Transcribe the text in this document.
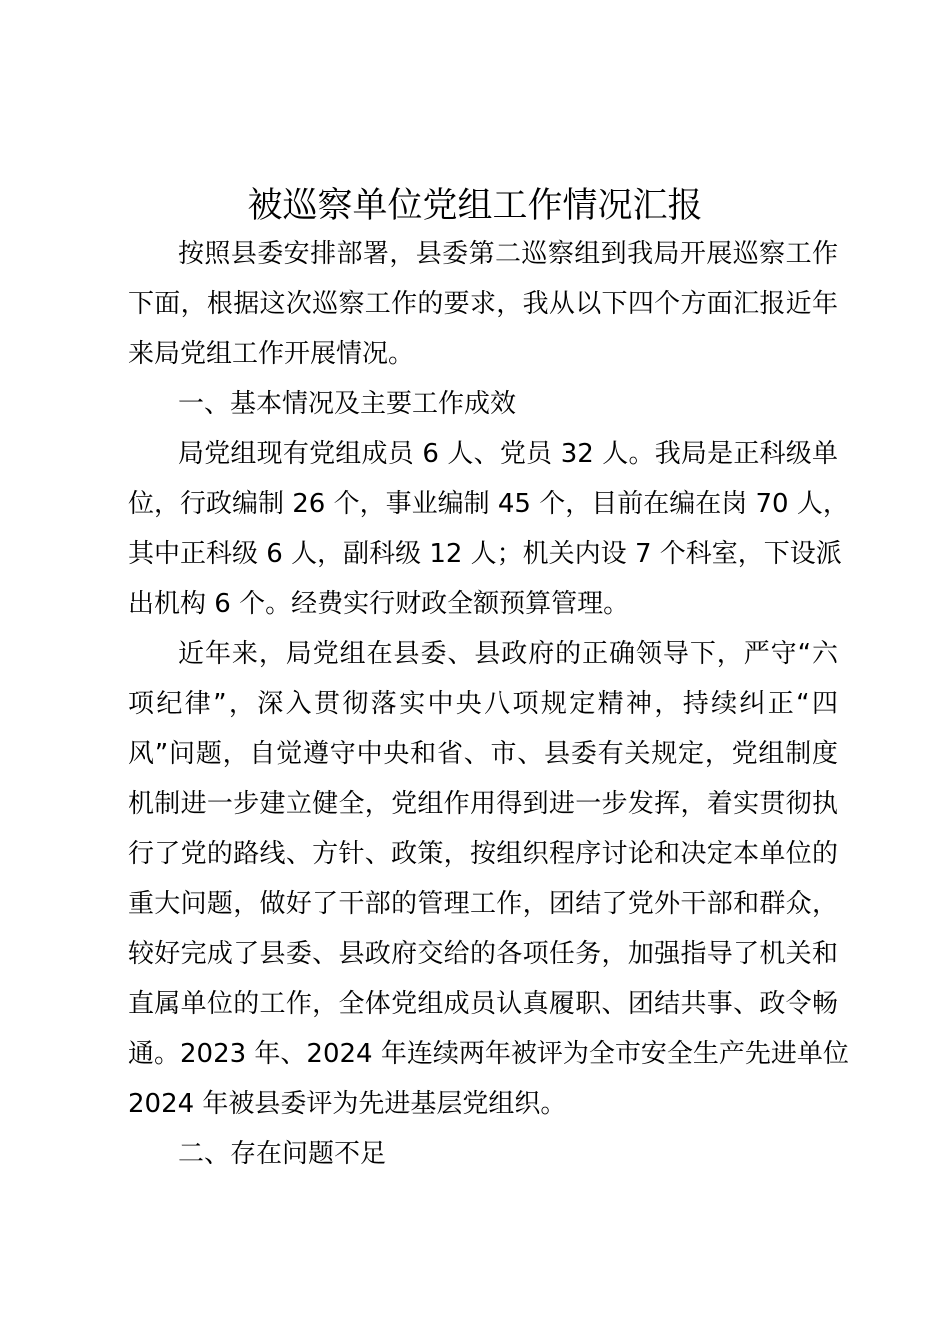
被巡察单位党组工作情况汇报

按照县委安排部署，县委第二巡察组到我局开展巡察工作

下面，根据这次巡察工作的要求，我从以下四个方面汇报近年

来局党组工作开展情况。

一、基本情况及主要工作成效

局党组现有党组成员 6 人、党员 32 人。我局是正科级单

位，行政编制 26 个，事业编制 45 个，目前在编在岗 70 人，

其中正科级 6 人，副科级 12 人；机关内设 7 个科室，下设派

出机构 6 个。经费实行财政全额预算管理。

近年来，局党组在县委、县政府的正确领导下，严守“六

项纪律”，深入贯彻落实中央八项规定精神，持续纠正“四

风”问题，自觉遵守中央和省、市、县委有关规定，党组制度

机制进一步建立健全，党组作用得到进一步发挥，着实贯彻执

行了党的路线、方针、政策，按组织程序讨论和决定本单位的

重大问题，做好了干部的管理工作，团结了党外干部和群众，

较好完成了县委、县政府交给的各项任务，加强指导了机关和

直属单位的工作，全体党组成员认真履职、团结共事、政令畅

通。2023 年、2024 年连续两年被评为全市安全生产先进单位

2024 年被县委评为先进基层党组织。

二、存在问题不足
